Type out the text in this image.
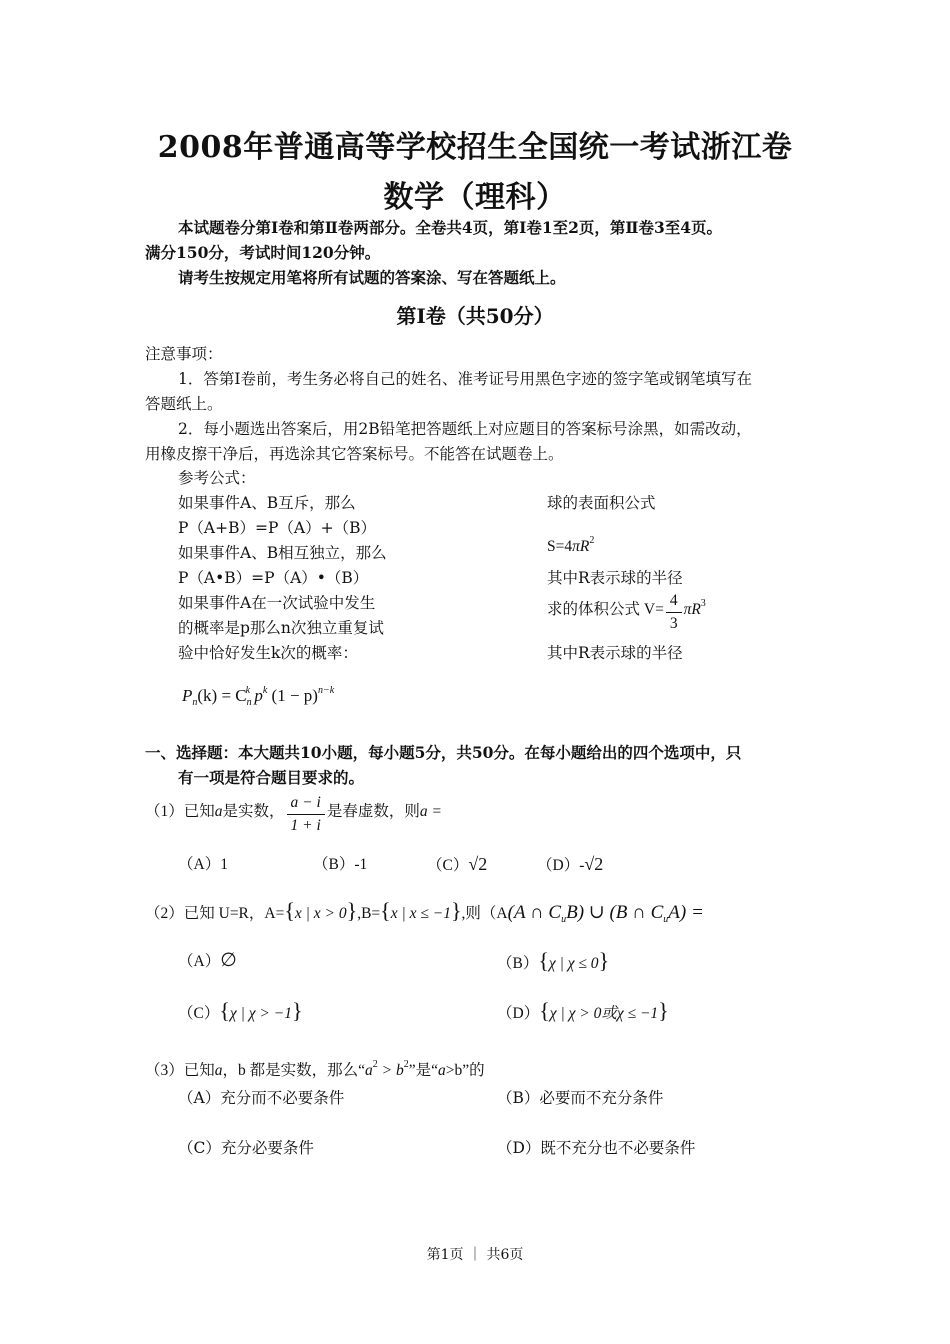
2008年普通高等学校招生全国统一考试浙江卷
数学（理科）
本试题卷分第Ⅰ卷和第Ⅱ卷两部分。全卷共4页，第Ⅰ卷1至2页，第Ⅱ卷3至4页。
满分150分，考试时间120分钟。
请考生按规定用笔将所有试题的答案涂、写在答题纸上。
第Ⅰ卷（共50分）
注意事项：
1．答第Ⅰ卷前，考生务必将自己的姓名、准考证号用黑色字迹的签字笔或钢笔填写在
答题纸上。
2．每小题选出答案后，用2B铅笔把答题纸上对应题目的答案标号涂黑，如需改动，
用橡皮擦干净后，再选涂其它答案标号。不能答在试题卷上。
参考公式：
如果事件A、B互斥，那么
P（A+B）=P（A）+（B）
如果事件A、B相互独立，那么
P（A•B）=P（A）•（B）
如果事件A在一次试验中发生
的概率是p那么n次独立重复试
验中恰好发生k次的概率：
$P_n(k) = C_n^k$ $p^k$ $(1 - p)^{n-k}$
球的表面积公式
$S=4\pi R^2$
其中R表示球的半径
求的体积公式 $V= \frac{4}{3} \pi R^3$
其中R表示球的半径
一、选择题：本大题共10小题，每小题5分，共50分。在每小题给出的四个选项中，只
有一项是符合题目要求的。
（1）已知a是实数， $\frac{a - i}{1 + i}$ 是春虚数，则a =
（A）1	（B）-1	（C）√2	（D）-√2
（2）已知 U=R，A={x | x > 0},B={x | x ≤ −1},则（A(A ∩ $C_uB$) ∪ (B ∩ $C_uA$) =
（A）∅	（B）{χ | χ ≤ 0}
（C）{χ | χ > −1}	（D）{χ | χ > 0或χ ≤ −1}
（3）已知a，b 都是实数，那么“$a^2 > b^2$”是“a>b”的
（A）充分而不必要条件	（B）必要而不充分条件
（C）充分必要条件	（D）既不充分也不必要条件
第1页 ｜ 共6页
